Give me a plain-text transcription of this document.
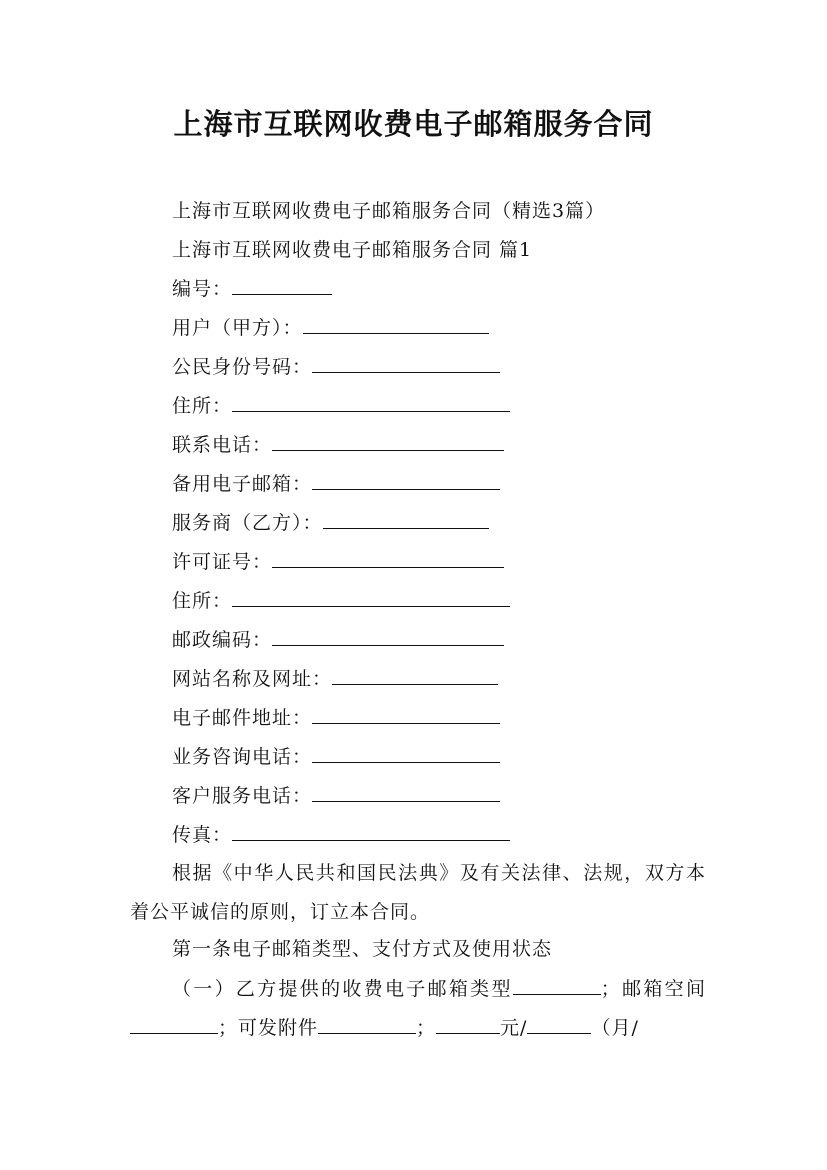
上海市互联网收费电子邮箱服务合同
上海市互联网收费电子邮箱服务合同（精选3篇）
上海市互联网收费电子邮箱服务合同 篇1
编号：
用户（甲方）：
公民身份号码：
住所：
联系电话：
备用电子邮箱：
服务商（乙方）：
许可证号：
住所：
邮政编码：
网站名称及网址：
电子邮件地址：
业务咨询电话：
客户服务电话：
传真：
根据《中华人民共和国民法典》及有关法律、法规，双方本着公平诚信的原则，订立本合同。
第一条电子邮箱类型、支付方式及使用状态
（一）乙方提供的收费电子邮箱类型	；邮箱空间；可发附件	；	元/	（月/
